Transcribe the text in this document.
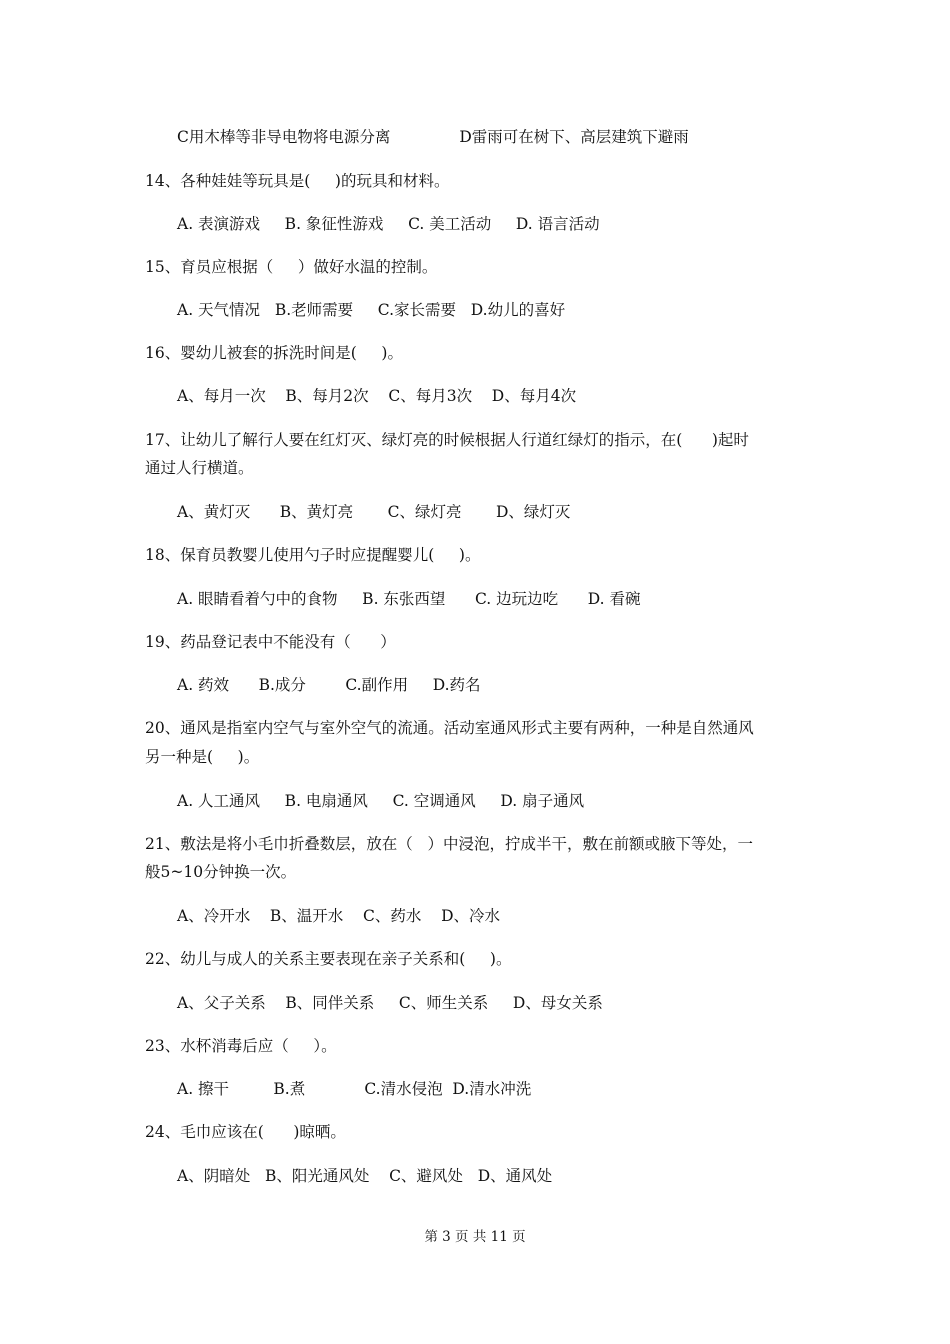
C用木棒等非导电物将电源分离              D雷雨可在树下、高层建筑下避雨
14、各种娃娃等玩具是(     )的玩具和材料。
A. 表演游戏     B. 象征性游戏     C. 美工活动     D. 语言活动
15、育员应根据（     ）做好水温的控制。
A. 天气情况   B.老师需要     C.家长需要   D.幼儿的喜好
16、婴幼儿被套的拆洗时间是(     )。
A、每月一次    B、每月2次    C、每月3次    D、每月4次
17、让幼儿了解行人要在红灯灭、绿灯亮的时候根据人行道红绿灯的指示，在(      )起时
通过人行横道。
A、黄灯灭      B、黄灯亮       C、绿灯亮       D、绿灯灭
18、保育员教婴儿使用勺子时应提醒婴儿(     )。
A. 眼睛看着勺中的食物     B. 东张西望      C. 边玩边吃      D. 看碗
19、药品登记表中不能没有（      ）
A. 药效      B.成分        C.副作用     D.药名
20、通风是指室内空气与室外空气的流通。活动室通风形式主要有两种，一种是自然通风
另一种是(     )。
A. 人工通风     B. 电扇通风     C. 空调通风     D. 扇子通风
21、敷法是将小毛巾折叠数层，放在（   ）中浸泡，拧成半干，敷在前额或腋下等处，一
般5~10分钟换一次。
A、冷开水    B、温开水    C、药水    D、冷水
22、幼儿与成人的关系主要表现在亲子关系和(     )。
A、父子关系    B、同伴关系     C、师生关系     D、母女关系
23、水杯消毒后应（     ）。
A. 擦干         B.煮            C.清水侵泡  D.清水冲洗
24、毛巾应该在(      )晾晒。
A、阴暗处   B、阳光通风处    C、避风处   D、通风处
第 3 页 共 11 页
